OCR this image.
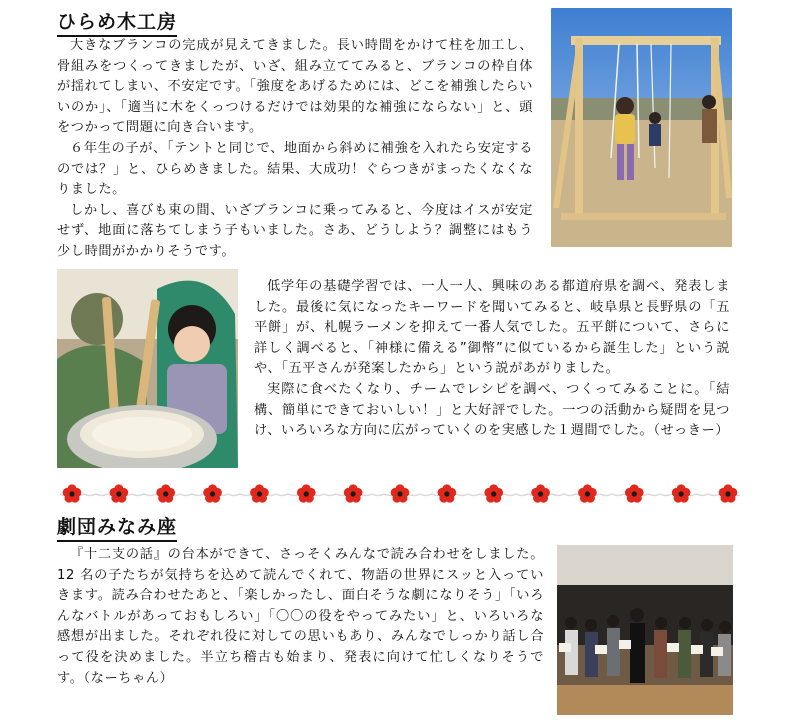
ひらめ木工房

大きなブランコの完成が見えてきました。長い時間をかけて柱を加工し、骨組みをつくってきましたが、いざ、組み立ててみると、ブランコの枠自体が揺れてしまい、不安定です。「強度をあげるためには、どこを補強したらいいのか」、「適当に木をくっつけるだけでは効果的な補強にならない」と、頭をつかって問題に向き合います。

６年生の子が、「テントと同じで、地面から斜めに補強を入れたら安定するのでは？」と、ひらめきました。結果、大成功！ぐらつきがまったくなくなりました。

しかし、喜びも束の間、いざブランコに乗ってみると、今度はイスが安定せず、地面に落ちてしまう子もいました。さあ、どうしよう？調整にはもう少し時間がかかりそうです。

低学年の基礎学習では、一人一人、興味のある都道府県を調べ、発表しました。最後に気になったキーワードを聞いてみると、岐阜県と長野県の「五平餅」が、札幌ラーメンを抑えて一番人気でした。五平餅について、さらに詳しく調べると、「神様に備える”御幣”に似ているから誕生した」という説や、「五平さんが発案したから」という説があがりました。

実際に食べたくなり、チームでレシピを調べ、つくってみることに。「結構、簡単にできておいしい！」と大好評でした。一つの活動から疑問を見つけ、いろいろな方向に広がっていくのを実感した１週間でした。（せっきー）

劇団みなみ座

『十二支の話』の台本ができて、さっそくみんなで読み合わせをしました。12 名の子たちが気持ちを込めて読んでくれて、物語の世界にスッと入っていきます。読み合わせたあと、「楽しかったし、面白そうな劇になりそう」「いろんなバトルがあっておもしろい」「〇〇の役をやってみたい」と、いろいろな感想が出ました。それぞれ役に対しての思いもあり、みんなでしっかり話し合って役を決めました。半立ち稽古も始まり、発表に向けて忙しくなりそうです。（なーちゃん）
